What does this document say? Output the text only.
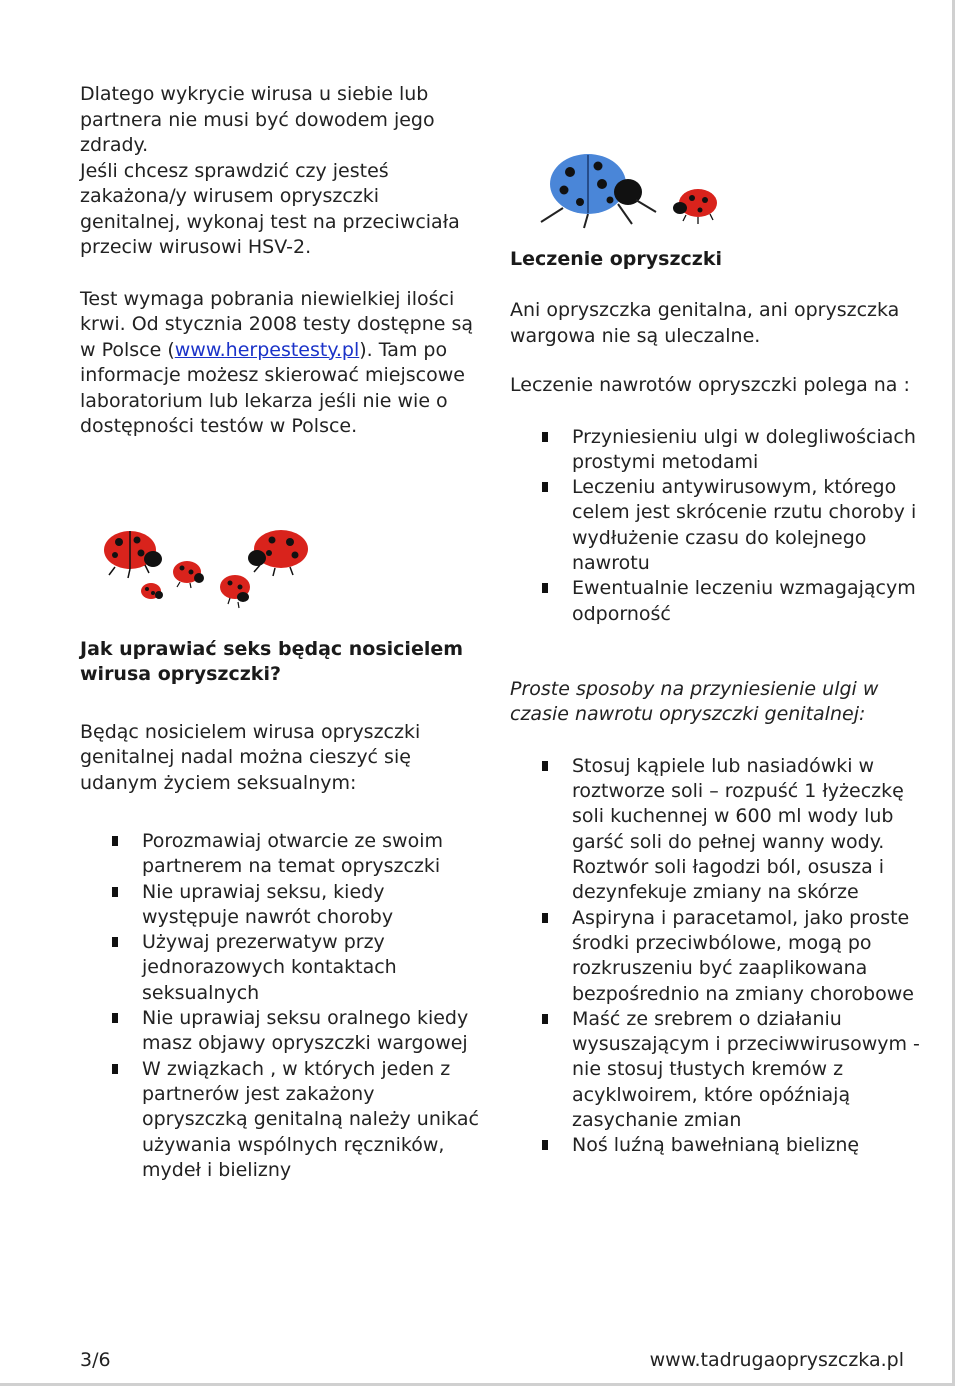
Dlatego wykrycie wirusa u siebie lub partnera nie musi być dowodem jego zdrady.

Jeśli chcesz sprawdzić czy jesteś zakażona/y wirusem opryszczki genitalnej, wykonaj test na przeciwciała przeciw wirusowi HSV-2.

Test wymaga pobrania niewielkiej ilości krwi. Od stycznia 2008 testy dostępne są w Polsce (www.herpestesty.pl). Tam po informacje możesz skierować miejscowe laboratorium lub lekarza jeśli nie wie o dostępności testów w Polsce.

Jak uprawiać seks będąc nosicielem wirusa opryszczki?

Będąc nosicielem wirusa opryszczki genitalnej nadal można cieszyć się udanym życiem seksualnym:

Porozmawiaj otwarcie ze swoim partnerem na temat opryszczki
Nie uprawiaj seksu, kiedy występuje nawrót choroby
Używaj prezerwatyw przy jednorazowych kontaktach seksualnych
Nie uprawiaj seksu oralnego kiedy masz objawy opryszczki wargowej
W związkach , w których jeden z partnerów jest zakażony opryszczką genitalną należy unikać używania wspólnych ręczników, mydeł i bielizny
Leczenie opryszczki

Ani opryszczka genitalna, ani opryszczka wargowa nie są uleczalne.

Leczenie nawrotów opryszczki polega na :

Przyniesieniu ulgi w dolegliwościach prostymi metodami
Leczeniu antywirusowym, którego celem jest skrócenie rzutu choroby i wydłużenie czasu do kolejnego nawrotu
Ewentualnie leczeniu wzmagającym odporność

Proste sposoby na przyniesienie ulgi w czasie nawrotu opryszczki genitalnej:

Stosuj kąpiele lub nasiadówki w roztworze soli – rozpuść 1 łyżeczkę soli kuchennej w 600 ml wody lub garść soli do pełnej wanny wody.
Roztwór soli łagodzi ból, osusza i dezynfekuje zmiany na skórze
Aspiryna i paracetamol, jako proste środki przeciwbólowe, mogą po rozkruszeniu być zaaplikowana bezpośrednio na zmiany chorobowe
Maść ze srebrem o działaniu wysuszającym i przeciwwirusowym -nie stosuj tłustych kremów z acyklwoirem, które opóźniają zasychanie zmian
Noś luźną bawełnianą bieliznę
3/6	www.tadrugaopryszczka.pl
